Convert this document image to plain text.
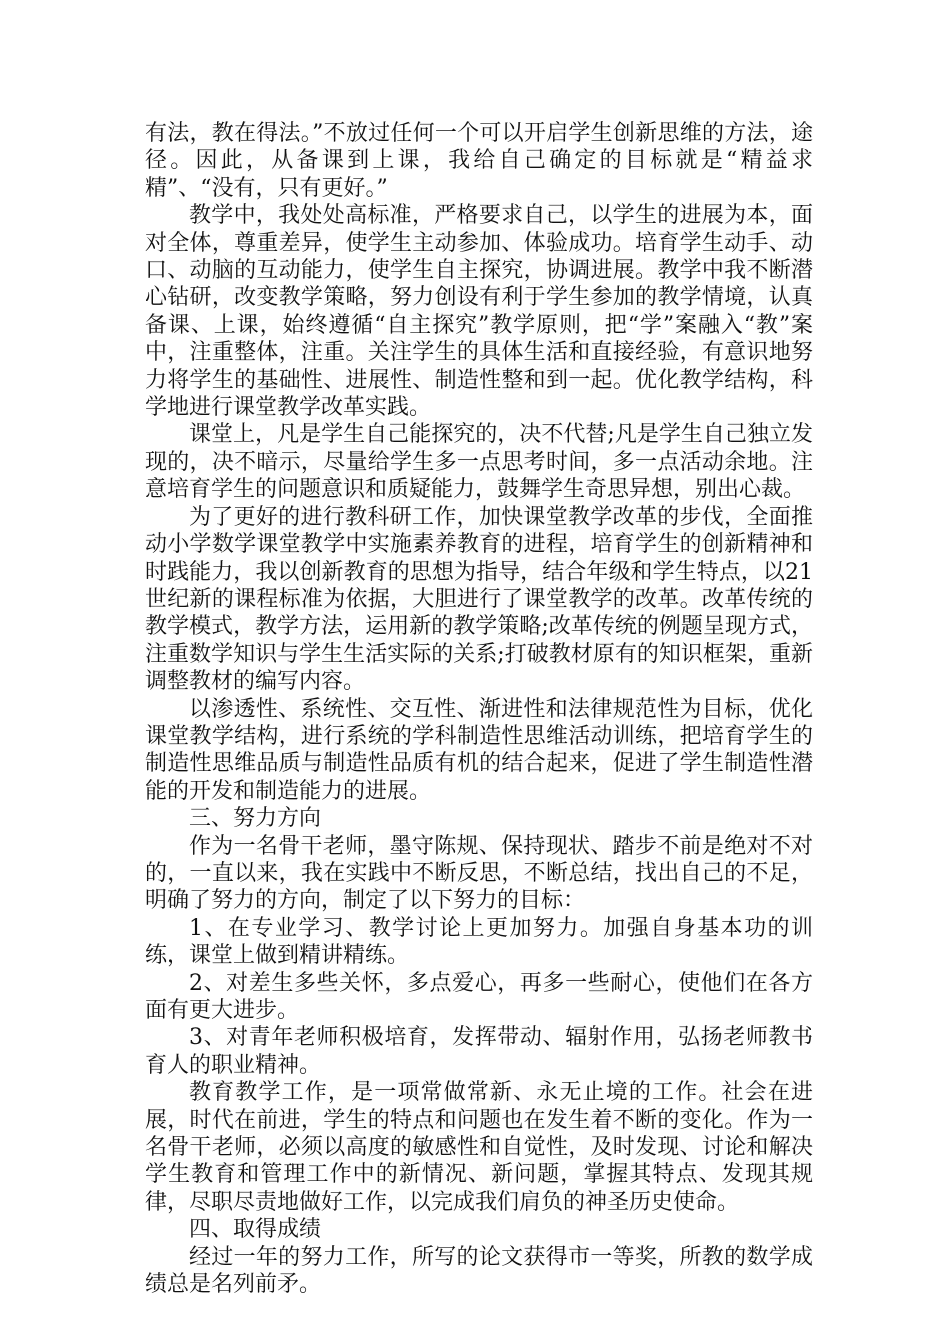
有法，教在得法。”不放过任何一个可以开启学生创新思维的方法，途径。因此，从备课到上课，我给自己确定的目标就是“精益求精”、“没有，只有更好。”

教学中，我处处高标准，严格要求自己，以学生的进展为本，面对全体，尊重差异，使学生主动参加、体验成功。培育学生动手、动口、动脑的互动能力，使学生自主探究，协调进展。教学中我不断潜心钻研，改变教学策略，努力创设有利于学生参加的教学情境，认真备课、上课，始终遵循“自主探究”教学原则，把“学”案融入“教”案中，注重整体，注重。关注学生的具体生活和直接经验，有意识地努力将学生的基础性、进展性、制造性整和到一起。优化教学结构，科学地进行课堂教学改革实践。

课堂上，凡是学生自己能探究的，决不代替;凡是学生自己独立发现的，决不暗示，尽量给学生多一点思考时间，多一点活动余地。注意培育学生的问题意识和质疑能力，鼓舞学生奇思异想，别出心裁。

为了更好的进行教科研工作，加快课堂教学改革的步伐，全面推动小学数学课堂教学中实施素养教育的进程，培育学生的创新精神和时践能力，我以创新教育的思想为指导，结合年级和学生特点，以21世纪新的课程标准为依据，大胆进行了课堂教学的改革。改革传统的教学模式，教学方法，运用新的教学策略;改革传统的例题呈现方式，注重数学知识与学生生活实际的关系;打破教材原有的知识框架，重新调整教材的编写内容。

以渗透性、系统性、交互性、渐进性和法律规范性为目标，优化课堂教学结构，进行系统的学科制造性思维活动训练，把培育学生的制造性思维品质与制造性品质有机的结合起来，促进了学生制造性潜能的开发和制造能力的进展。

三、努力方向

作为一名骨干老师，墨守陈规、保持现状、踏步不前是绝对不对的，一直以来，我在实践中不断反思，不断总结，找出自己的不足，明确了努力的方向，制定了以下努力的目标：

1、在专业学习、教学讨论上更加努力。加强自身基本功的训练，课堂上做到精讲精练。

2、对差生多些关怀，多点爱心，再多一些耐心，使他们在各方面有更大进步。

3、对青年老师积极培育，发挥带动、辐射作用，弘扬老师教书育人的职业精神。

教育教学工作，是一项常做常新、永无止境的工作。社会在进展，时代在前进，学生的特点和问题也在发生着不断的变化。作为一名骨干老师，必须以高度的敏感性和自觉性，及时发现、讨论和解决学生教育和管理工作中的新情况、新问题，掌握其特点、发现其规律，尽职尽责地做好工作，以完成我们肩负的神圣历史使命。

四、取得成绩

经过一年的努力工作，所写的论文获得市一等奖，所教的数学成绩总是名列前矛。
